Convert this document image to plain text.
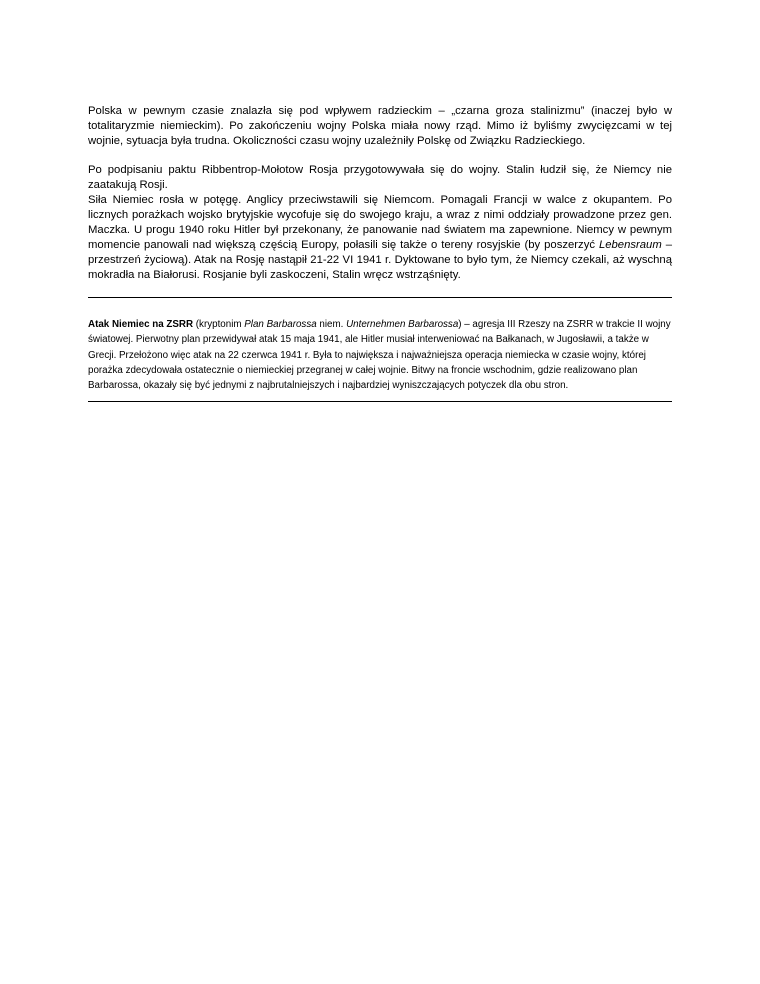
Polska w pewnym czasie znalazła się pod wpływem radzieckim – „czarna groza stalinizmu” (inaczej było w totalitaryzmie niemieckim). Po zakończeniu wojny Polska miała nowy rząd. Mimo iż byliśmy zwycięzcami w tej wojnie, sytuacja była trudna. Okoliczności czasu wojny uzależniły Polskę od Związku Radzieckiego.

Po podpisaniu paktu Ribbentrop-Mołotow Rosja przygotowywała się do wojny. Stalin łudził się, że Niemcy nie zaatakują Rosji.

Siła Niemiec rosła w potęgę. Anglicy przeciwstawili się Niemcom. Pomagali Francji w walce z okupantem. Po licznych porażkach wojsko brytyjskie wycofuje się do swojego kraju, a wraz z nimi oddziały prowadzone przez gen. Maczka. U progu 1940 roku Hitler był przekonany, że panowanie nad światem ma zapewnione. Niemcy w pewnym momencie panowali nad większą częścią Europy, połasili się także o tereny rosyjskie (by poszerzyć Lebensraum – przestrzeń życiową). Atak na Rosję nastąpił 21-22 VI 1941 r. Dyktowane to było tym, że Niemcy czekali, aż wyschną mokradła na Białorusi. Rosjanie byli zaskoczeni, Stalin wręcz wstrząśnięty.

Atak Niemiec na ZSRR (kryptonim Plan Barbarossa niem. Unternehmen Barbarossa) – agresja III Rzeszy na ZSRR w trakcie II wojny światowej. Pierwotny plan przewidywał atak 15 maja 1941, ale Hitler musiał interweniować na Bałkanach, w Jugosławii, a także w Grecji. Przełożono więc atak na 22 czerwca 1941 r. Była to największa i najważniejsza operacja niemiecka w czasie wojny, której porażka zdecydowała ostatecznie o niemieckiej przegranej w całej wojnie. Bitwy na froncie wschodnim, gdzie realizowano plan Barbarossa, okazały się być jednymi z najbrutalniejszych i najbardziej wyniszczających potyczek dla obu stron.
